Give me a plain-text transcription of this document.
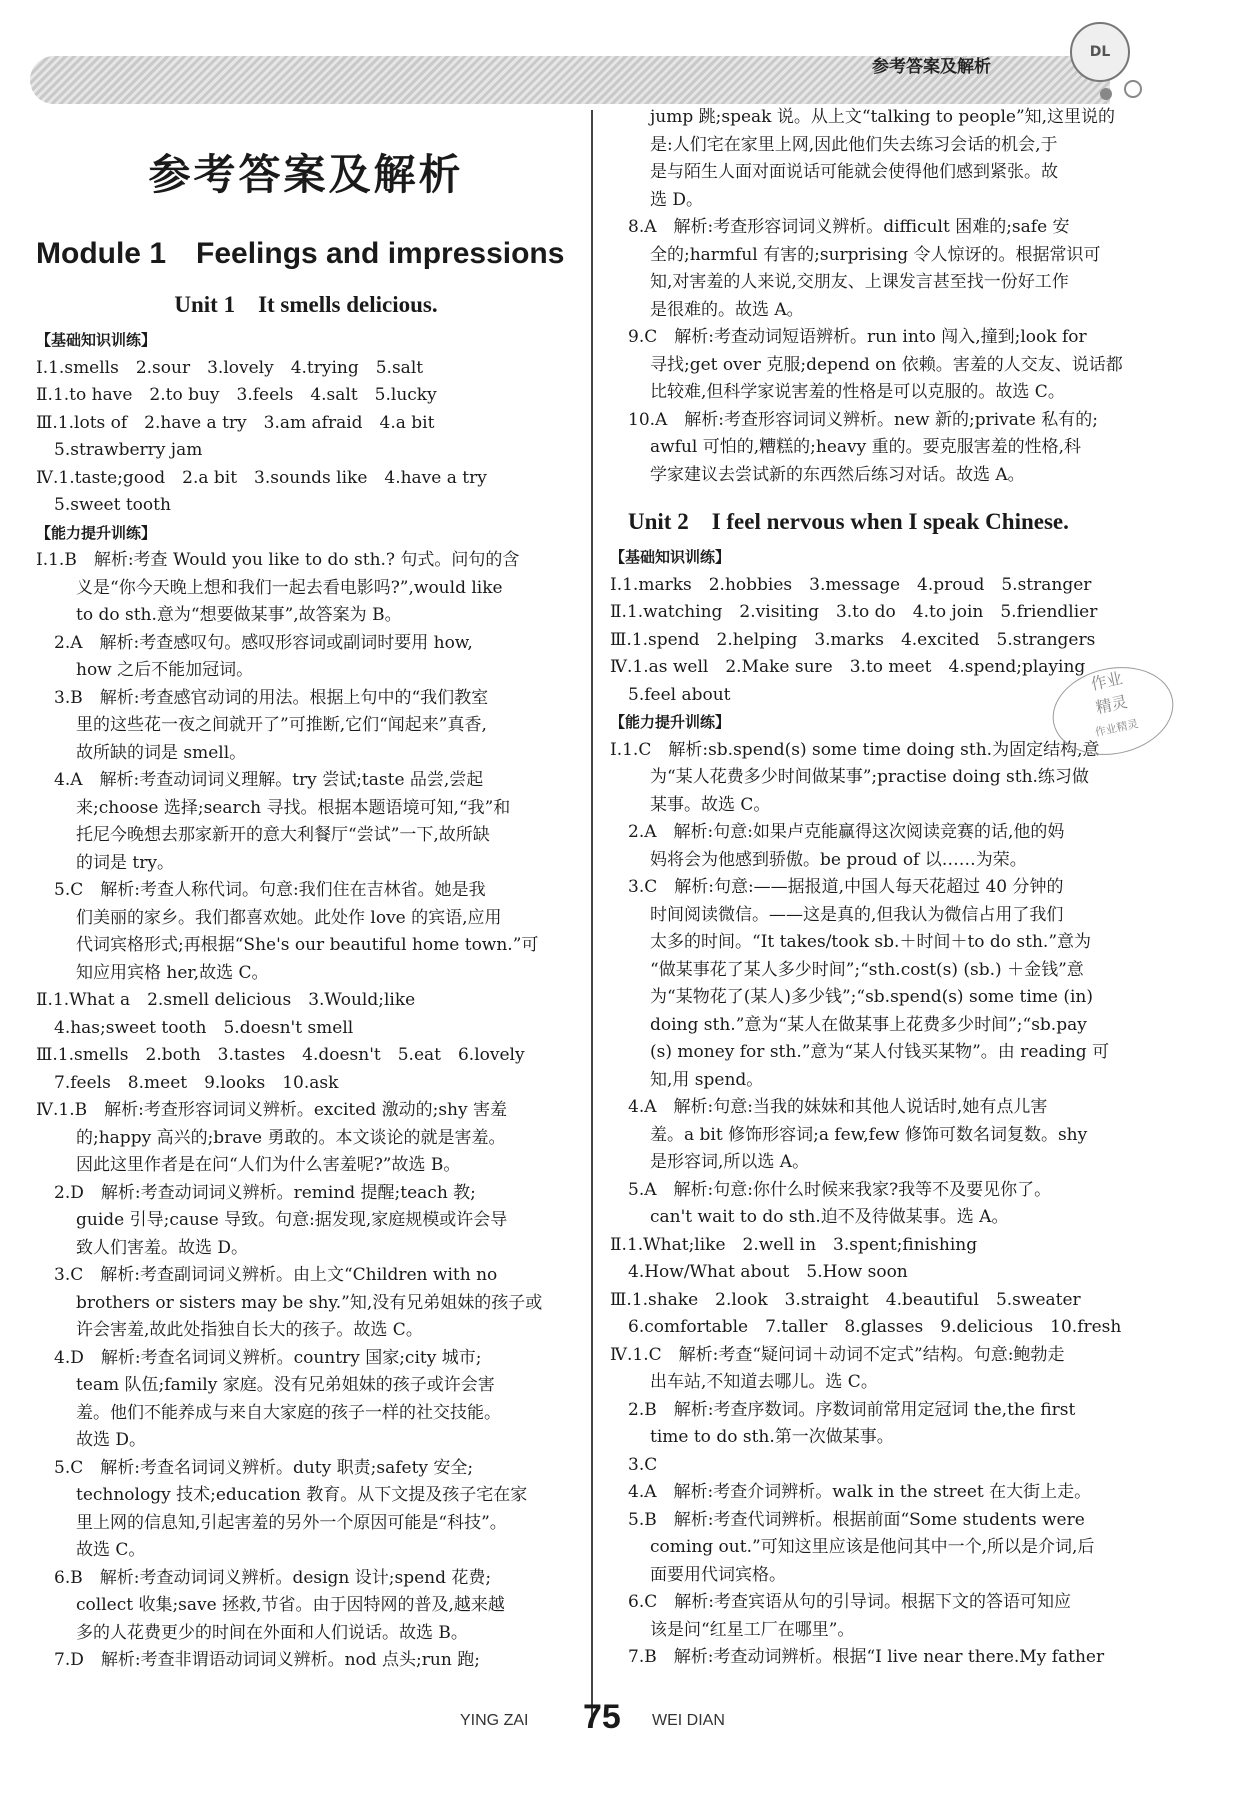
参考答案及解析
DL
参考答案及解析
Module 1　Feelings and impressions
Unit 1　It smells delicious.
【基础知识训练】
Ⅰ.1.smells　2.sour　3.lovely　4.trying　5.salt
Ⅱ.1.to have　2.to buy　3.feels　4.salt　5.lucky
Ⅲ.1.lots of　2.have a try　3.am afraid　4.a bit
5.strawberry jam
Ⅳ.1.taste;good　2.a bit　3.sounds like　4.have a try
5.sweet tooth
【能力提升训练】
Ⅰ.1.B　解析:考查 Would you like to do sth.? 句式。问句的含
义是“你今天晚上想和我们一起去看电影吗?”,would like
to do sth.意为“想要做某事”,故答案为 B。
2.A　解析:考查感叹句。感叹形容词或副词时要用 how,
how 之后不能加冠词。
3.B　解析:考查感官动词的用法。根据上句中的“我们教室
里的这些花一夜之间就开了”可推断,它们“闻起来”真香,
故所缺的词是 smell。
4.A　解析:考查动词词义理解。try 尝试;taste 品尝,尝起
来;choose 选择;search 寻找。根据本题语境可知,“我”和
托尼今晚想去那家新开的意大利餐厅“尝试”一下,故所缺
的词是 try。
5.C　解析:考查人称代词。句意:我们住在吉林省。她是我
们美丽的家乡。我们都喜欢她。此处作 love 的宾语,应用
代词宾格形式;再根据“She's our beautiful home town.”可
知应用宾格 her,故选 C。
Ⅱ.1.What a　2.smell delicious　3.Would;like
4.has;sweet tooth　5.doesn't smell
Ⅲ.1.smells　2.both　3.tastes　4.doesn't　5.eat　6.lovely
7.feels　8.meet　9.looks　10.ask
Ⅳ.1.B　解析:考查形容词词义辨析。excited 激动的;shy 害羞
的;happy 高兴的;brave 勇敢的。本文谈论的就是害羞。
因此这里作者是在问“人们为什么害羞呢?”故选 B。
2.D　解析:考查动词词义辨析。remind 提醒;teach 教;
guide 引导;cause 导致。句意:据发现,家庭规模或许会导
致人们害羞。故选 D。
3.C　解析:考查副词词义辨析。由上文“Children with no
brothers or sisters may be shy.”知,没有兄弟姐妹的孩子或
许会害羞,故此处指独自长大的孩子。故选 C。
4.D　解析:考查名词词义辨析。country 国家;city 城市;
team 队伍;family 家庭。没有兄弟姐妹的孩子或许会害
羞。他们不能养成与来自大家庭的孩子一样的社交技能。
故选 D。
5.C　解析:考查名词词义辨析。duty 职责;safety 安全;
technology 技术;education 教育。从下文提及孩子宅在家
里上网的信息知,引起害羞的另外一个原因可能是“科技”。
故选 C。
6.B　解析:考查动词词义辨析。design 设计;spend 花费;
collect 收集;save 拯救,节省。由于因特网的普及,越来越
多的人花费更少的时间在外面和人们说话。故选 B。
7.D　解析:考查非谓语动词词义辨析。nod 点头;run 跑;
jump 跳;speak 说。从上文“talking to people”知,这里说的
是:人们宅在家里上网,因此他们失去练习会话的机会,于
是与陌生人面对面说话可能就会使得他们感到紧张。故
选 D。
8.A　解析:考查形容词词义辨析。difficult 困难的;safe 安
全的;harmful 有害的;surprising 令人惊讶的。根据常识可
知,对害羞的人来说,交朋友、上课发言甚至找一份好工作
是很难的。故选 A。
9.C　解析:考查动词短语辨析。run into 闯入,撞到;look for
寻找;get over 克服;depend on 依赖。害羞的人交友、说话都
比较难,但科学家说害羞的性格是可以克服的。故选 C。
10.A　解析:考查形容词词义辨析。new 新的;private 私有的;
awful 可怕的,糟糕的;heavy 重的。要克服害羞的性格,科
学家建议去尝试新的东西然后练习对话。故选 A。
Unit 2　I feel nervous when I speak Chinese.
【基础知识训练】
Ⅰ.1.marks　2.hobbies　3.message　4.proud　5.stranger
Ⅱ.1.watching　2.visiting　3.to do　4.to join　5.friendlier
Ⅲ.1.spend　2.helping　3.marks　4.excited　5.strangers
Ⅳ.1.as well　2.Make sure　3.to meet　4.spend;playing
5.feel about
【能力提升训练】
Ⅰ.1.C　解析:sb.spend(s) some time doing sth.为固定结构,意
为“某人花费多少时间做某事”;practise doing sth.练习做
某事。故选 C。
2.A　解析:句意:如果卢克能赢得这次阅读竞赛的话,他的妈
妈将会为他感到骄傲。be proud of 以……为荣。
3.C　解析:句意:——据报道,中国人每天花超过 40 分钟的
时间阅读微信。——这是真的,但我认为微信占用了我们
太多的时间。“It takes/took sb.＋时间＋to do sth.”意为
“做某事花了某人多少时间”;“sth.cost(s) (sb.) ＋金钱”意
为“某物花了(某人)多少钱”;“sb.spend(s) some time (in)
doing sth.”意为“某人在做某事上花费多少时间”;“sb.pay
(s) money for sth.”意为“某人付钱买某物”。由 reading 可
知,用 spend。
4.A　解析:句意:当我的妹妹和其他人说话时,她有点儿害
羞。a bit 修饰形容词;a few,few 修饰可数名词复数。shy
是形容词,所以选 A。
5.A　解析:句意:你什么时候来我家?我等不及要见你了。
can't wait to do sth.迫不及待做某事。选 A。
Ⅱ.1.What;like　2.well in　3.spent;finishing
4.How/What about　5.How soon
Ⅲ.1.shake　2.look　3.straight　4.beautiful　5.sweater
6.comfortable　7.taller　8.glasses　9.delicious　10.fresh
Ⅳ.1.C　解析:考查“疑问词＋动词不定式”结构。句意:鲍勃走
出车站,不知道去哪儿。选 C。
2.B　解析:考查序数词。序数词前常用定冠词 the,the first
time to do sth.第一次做某事。
3.C
4.A　解析:考查介词辨析。walk in the street 在大街上走。
5.B　解析:考查代词辨析。根据前面“Some students were
coming out.”可知这里应该是他问其中一个,所以是介词,后
面要用代词宾格。
6.C　解析:考查宾语从句的引导词。根据下文的答语可知应
该是问“红星工厂在哪里”。
7.B　解析:考查动词辨析。根据“I live near there.My father
作业
精灵
作业精灵
YING ZAI 75 WEI DIAN
